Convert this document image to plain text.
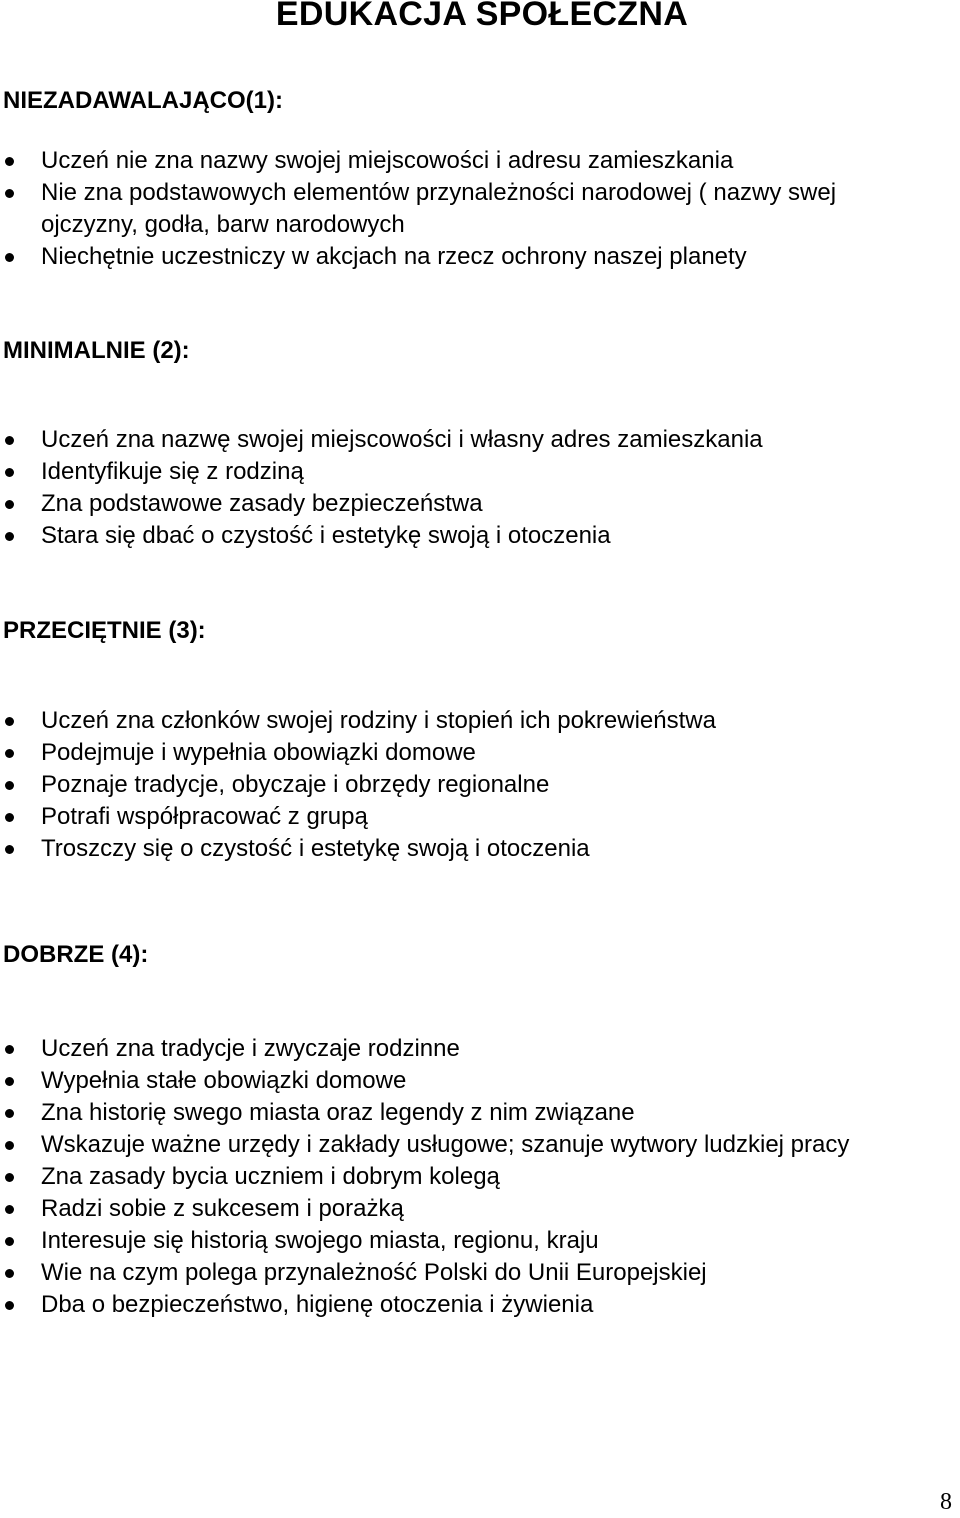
EDUKACJA SPOŁECZNA
NIEZADAWALAJĄCO(1):
Uczeń nie zna nazwy swojej miejscowości i adresu zamieszkania
Nie zna podstawowych elementów przynależności narodowej ( nazwy swej ojczyzny, godła, barw narodowych
Niechętnie uczestniczy w akcjach na rzecz ochrony naszej planety
MINIMALNIE (2):
Uczeń zna nazwę swojej miejscowości i własny adres zamieszkania
Identyfikuje się z rodziną
Zna podstawowe zasady bezpieczeństwa
Stara się dbać o czystość i estetykę swoją i otoczenia
PRZECIĘTNIE (3):
Uczeń zna członków swojej rodziny i stopień ich pokrewieństwa
Podejmuje i wypełnia obowiązki domowe
Poznaje tradycje, obyczaje i obrzędy regionalne
Potrafi współpracować z grupą
Troszczy się o czystość i estetykę swoją i otoczenia
DOBRZE (4):
Uczeń zna tradycje i zwyczaje rodzinne
Wypełnia stałe obowiązki domowe
Zna historię swego miasta oraz legendy z nim związane
Wskazuje ważne urzędy i zakłady usługowe; szanuje wytwory ludzkiej pracy
Zna zasady bycia uczniem i dobrym kolegą
Radzi sobie z sukcesem i porażką
Interesuje się historią swojego miasta, regionu, kraju
Wie na czym polega przynależność Polski do Unii Europejskiej
Dba o bezpieczeństwo, higienę otoczenia i żywienia
8
